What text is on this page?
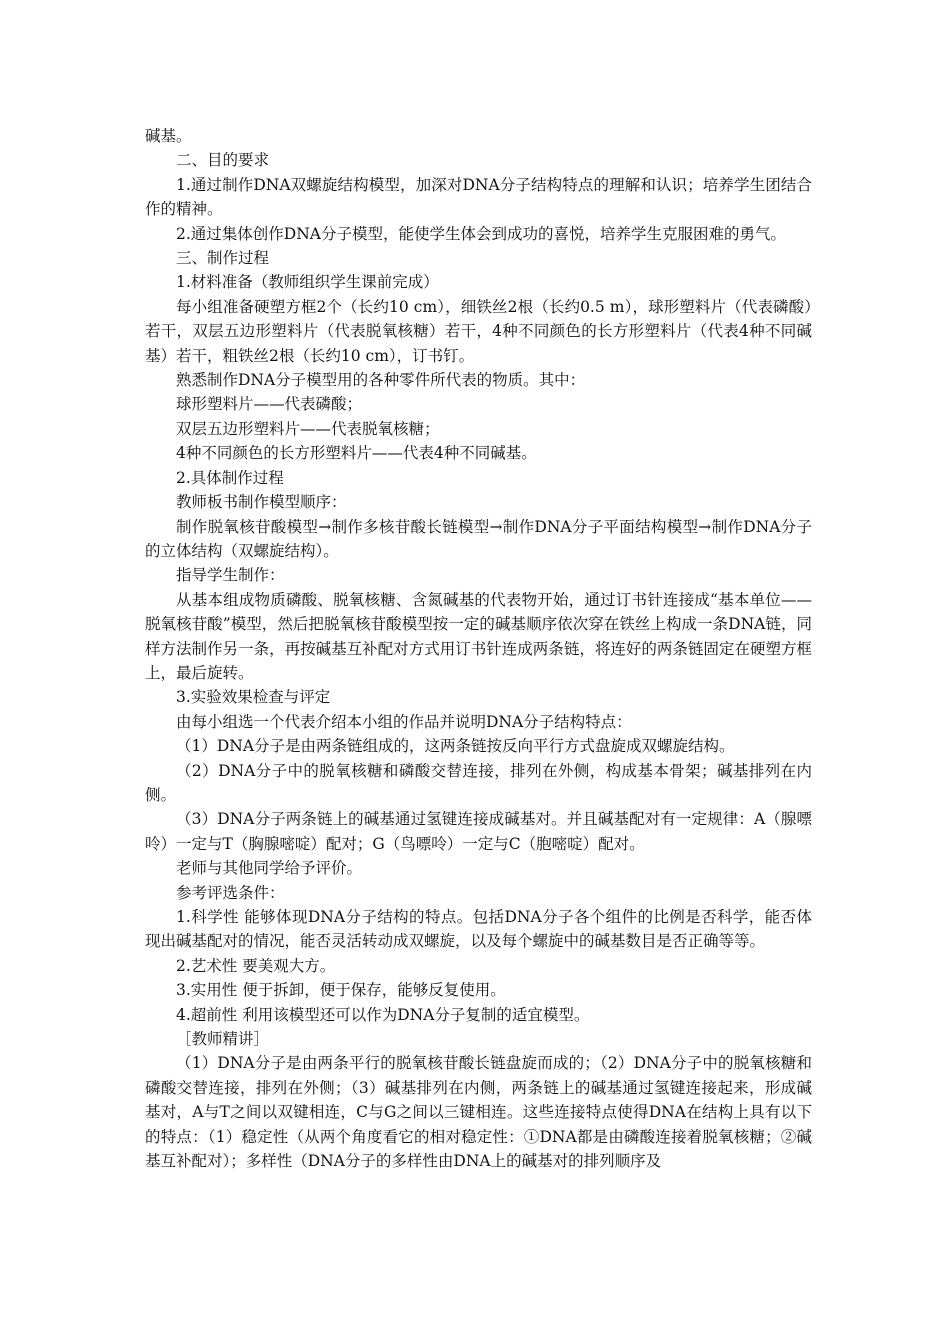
碱基。

二、目的要求

1.通过制作DNA双螺旋结构模型，加深对DNA分子结构特点的理解和认识；培养学生团结合作的精神。

2.通过集体创作DNA分子模型，能使学生体会到成功的喜悦，培养学生克服困难的勇气。

三、制作过程

1.材料准备（教师组织学生课前完成）

每小组准备硬塑方框2个（长约10 cm），细铁丝2根（长约0.5 m），球形塑料片（代表磷酸）若干，双层五边形塑料片（代表脱氧核糖）若干，4种不同颜色的长方形塑料片（代表4种不同碱基）若干，粗铁丝2根（长约10 cm），订书钉。

熟悉制作DNA分子模型用的各种零件所代表的物质。其中：

球形塑料片——代表磷酸；

双层五边形塑料片——代表脱氧核糖；

4种不同颜色的长方形塑料片——代表4种不同碱基。

2.具体制作过程

教师板书制作模型顺序：

制作脱氧核苷酸模型→制作多核苷酸长链模型→制作DNA分子平面结构模型→制作DNA分子的立体结构（双螺旋结构）。

指导学生制作：

从基本组成物质磷酸、脱氧核糖、含氮碱基的代表物开始，通过订书针连接成“基本单位——脱氧核苷酸”模型，然后把脱氧核苷酸模型按一定的碱基顺序依次穿在铁丝上构成一条DNA链，同样方法制作另一条，再按碱基互补配对方式用订书针连成两条链，将连好的两条链固定在硬塑方框上，最后旋转。

3.实验效果检查与评定

由每小组选一个代表介绍本小组的作品并说明DNA分子结构特点：

（1）DNA分子是由两条链组成的，这两条链按反向平行方式盘旋成双螺旋结构。

（2）DNA分子中的脱氧核糖和磷酸交替连接，排列在外侧，构成基本骨架；碱基排列在内侧。

（3）DNA分子两条链上的碱基通过氢键连接成碱基对。并且碱基配对有一定规律：A（腺嘌呤）一定与T（胸腺嘧啶）配对；G（鸟嘌呤）一定与C（胞嘧啶）配对。

老师与其他同学给予评价。

参考评选条件：

1.科学性 能够体现DNA分子结构的特点。包括DNA分子各个组件的比例是否科学，能否体现出碱基配对的情况，能否灵活转动成双螺旋，以及每个螺旋中的碱基数目是否正确等等。

2.艺术性 要美观大方。

3.实用性 便于拆卸，便于保存，能够反复使用。

4.超前性 利用该模型还可以作为DNA分子复制的适宜模型。

［教师精讲］

（1）DNA分子是由两条平行的脱氧核苷酸长链盘旋而成的；（2）DNA分子中的脱氧核糖和磷酸交替连接，排列在外侧；（3）碱基排列在内侧，两条链上的碱基通过氢键连接起来，形成碱基对，A与T之间以双键相连，C与G之间以三键相连。这些连接特点使得DNA在结构上具有以下的特点：（1）稳定性（从两个角度看它的相对稳定性：①DNA都是由磷酸连接着脱氧核糖；②碱基互补配对）；多样性（DNA分子的多样性由DNA上的碱基对的排列顺序及
